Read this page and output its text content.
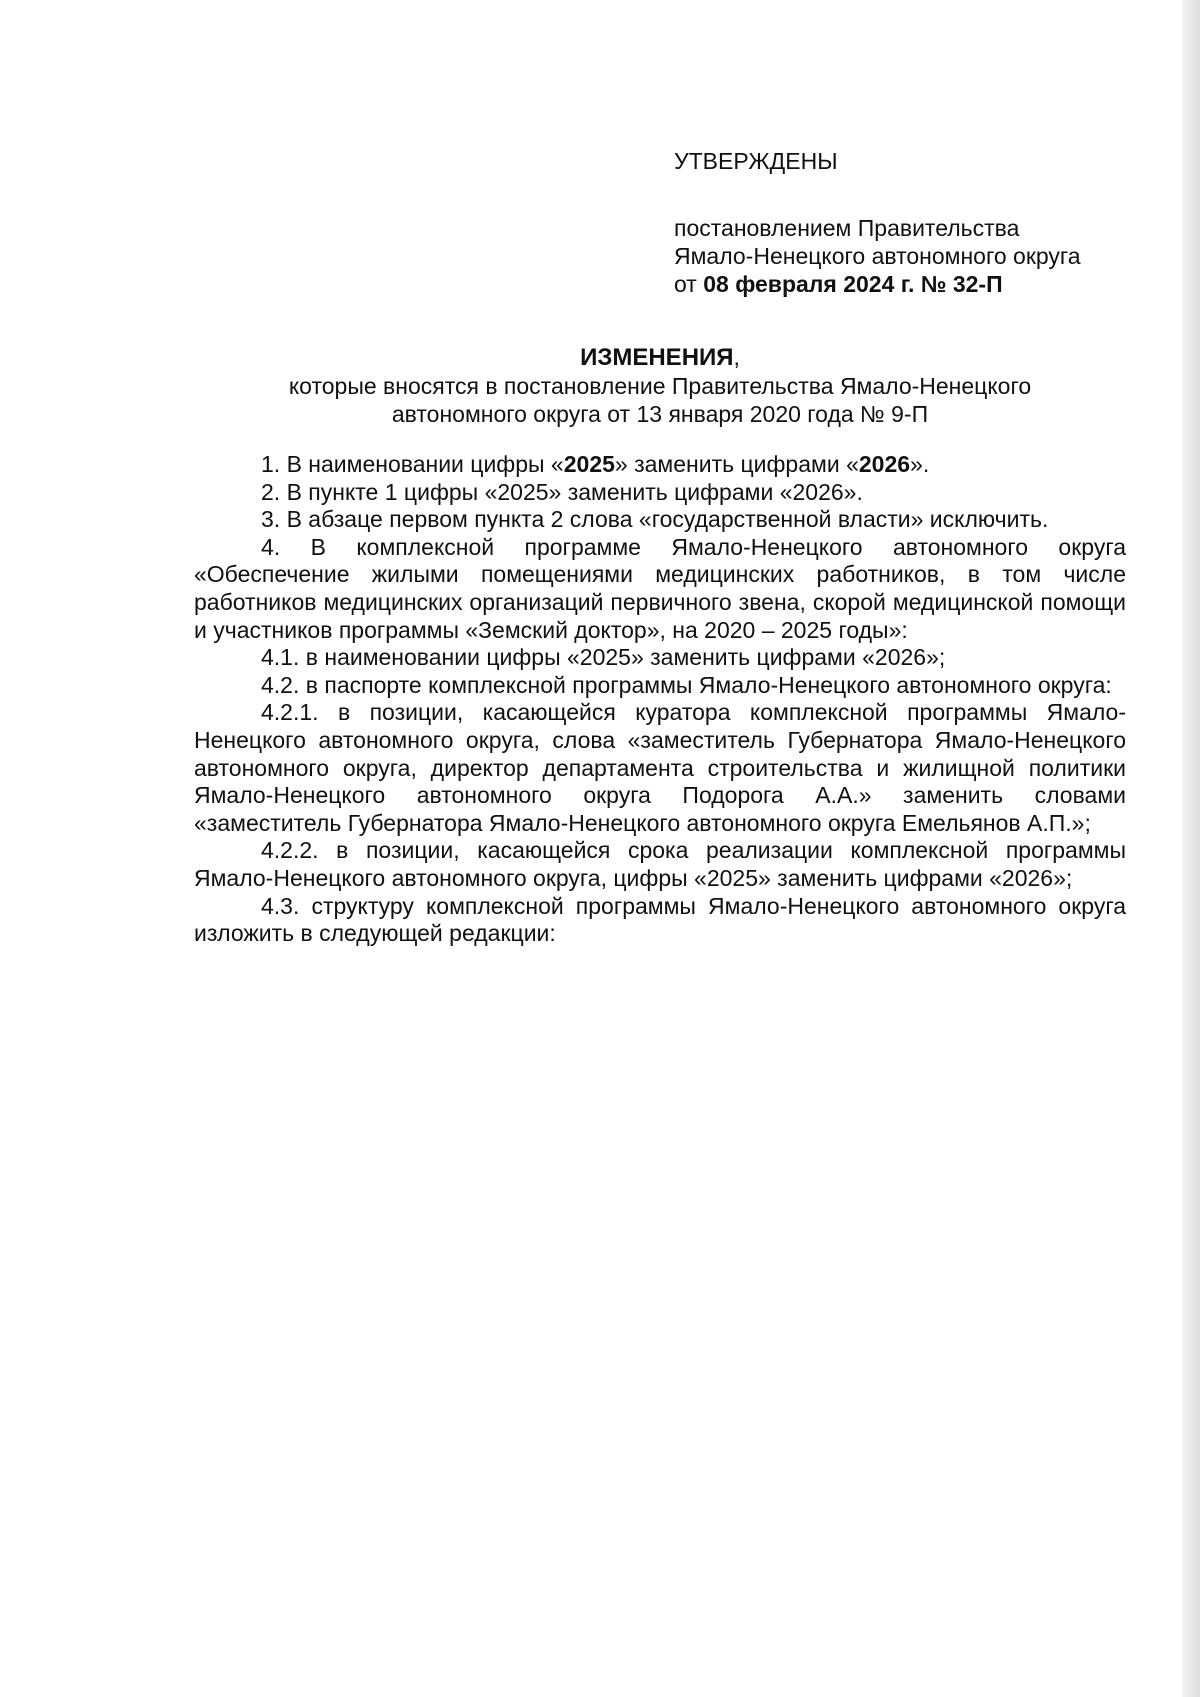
УТВЕРЖДЕНЫ
постановлением Правительства
Ямало-Ненецкого автономного округа
от 08 февраля 2024 г. № 32-П
ИЗМЕНЕНИЯ,
которые вносятся в постановление Правительства Ямало-Ненецкого
автономного округа от 13 января 2020 года № 9-П

1. В наименовании цифры «2025» заменить цифрами «2026».

2. В пункте 1 цифры «2025» заменить цифрами «2026».

3. В абзаце первом пункта 2 слова «государственной власти» исключить.

4. В комплексной программе Ямало-Ненецкого автономного округа «Обеспечение жилыми помещениями медицинских работников, в том числе работников медицинских организаций первичного звена, скорой медицинской помощи и участников программы «Земский доктор», на 2020 – 2025 годы»:

4.1. в наименовании цифры «2025» заменить цифрами «2026»;

4.2. в паспорте комплексной программы Ямало-Ненецкого автономного округа:

4.2.1. в позиции, касающейся куратора комплексной программы Ямало-Ненецкого автономного округа, слова «заместитель Губернатора Ямало-Ненецкого автономного округа, директор департамента строительства и жилищной политики Ямало-Ненецкого автономного округа Подорога А.А.» заменить словами «заместитель Губернатора Ямало-Ненецкого автономного округа Емельянов А.П.»;

4.2.2. в позиции, касающейся срока реализации комплексной программы Ямало-Ненецкого автономного округа, цифры «2025» заменить цифрами «2026»;

4.3. структуру комплексной программы Ямало-Ненецкого автономного округа изложить в следующей редакции:
